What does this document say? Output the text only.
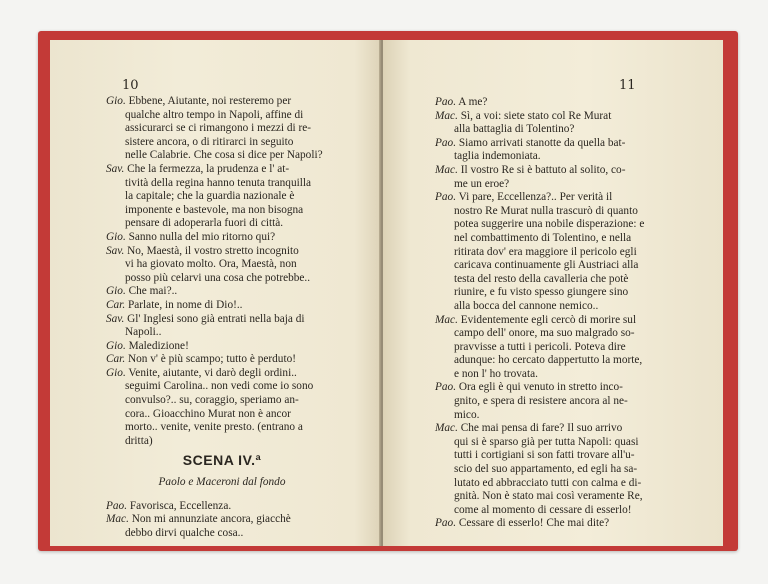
10
Gio. Ebbene, Aiutante, noi resteremo per
qualche altro tempo in Napoli, affine di
assicurarci se ci rimangono i mezzi di re-
sistere ancora, o di ritirarci in seguito
nelle Calabrie. Che cosa si dice per Napoli?
Sav. Che la fermezza, la prudenza e l' at-
tività della regina hanno tenuta tranquilla
la capitale; che la guardia nazionale è
imponente e bastevole, ma non bisogna
pensare di adoperarla fuori di città.
Gio. Sanno nulla del mio ritorno qui?
Sav. No, Maestà, il vostro stretto incognito
vi ha giovato molto. Ora, Maestà, non
posso più celarvi una cosa che potrebbe..
Gio. Che mai?..
Car. Parlate, in nome di Dio!..
Sav. Gl' Inglesi sono già entrati nella baja di
Napoli..
Gio. Maledizione!
Car. Non v' è più scampo; tutto è perduto!
Gio. Venite, aiutante, vi darò degli ordini..
seguimi Carolina.. non vedi come io sono
convulso?.. su, coraggio, speriamo an-
cora.. Gioacchino Murat non è ancor
morto.. venite, venite presto. (entrano a
dritta)
SCENA IV.ª
Paolo e Maceroni dal fondo
Pao. Favorisca, Eccellenza.
Mac. Non mi annunziate ancora, giacchè
debbo dirvi qualche cosa..
11
Pao. A me?
Mac. Sì, a voi: siete stato col Re Murat
alla battaglia di Tolentino?
Pao. Siamo arrivati stanotte da quella bat-
taglia indemoniata.
Mac. Il vostro Re si è battuto al solito, co-
me un eroe?
Pao. Vi pare, Eccellenza?.. Per verità il
nostro Re Murat nulla trascurò di quanto
potea suggerire una nobile disperazione: e
nel combattimento di Tolentino, e nella
ritirata dov' era maggiore il pericolo egli
caricava continuamente gli Austriaci alla
testa del resto della cavalleria che potè
riunire, e fu visto spesso giungere sino
alla bocca del cannone nemico..
Mac. Evidentemente egli cercò di morire sul
campo dell' onore, ma suo malgrado so-
pravvisse a tutti i pericoli. Poteva dire
adunque: ho cercato dappertutto la morte,
e non l' ho trovata.
Pao. Ora egli è qui venuto in stretto inco-
gnito, e spera di resistere ancora al ne-
mico.
Mac. Che mai pensa di fare? Il suo arrivo
qui si è sparso già per tutta Napoli: quasi
tutti i cortigiani si son fatti trovare all'u-
scio del suo appartamento, ed egli ha sa-
lutato ed abbracciato tutti con calma e di-
gnità. Non è stato mai così veramente Re,
come al momento di cessare di esserlo!
Pao. Cessare di esserlo! Che mai dite?
